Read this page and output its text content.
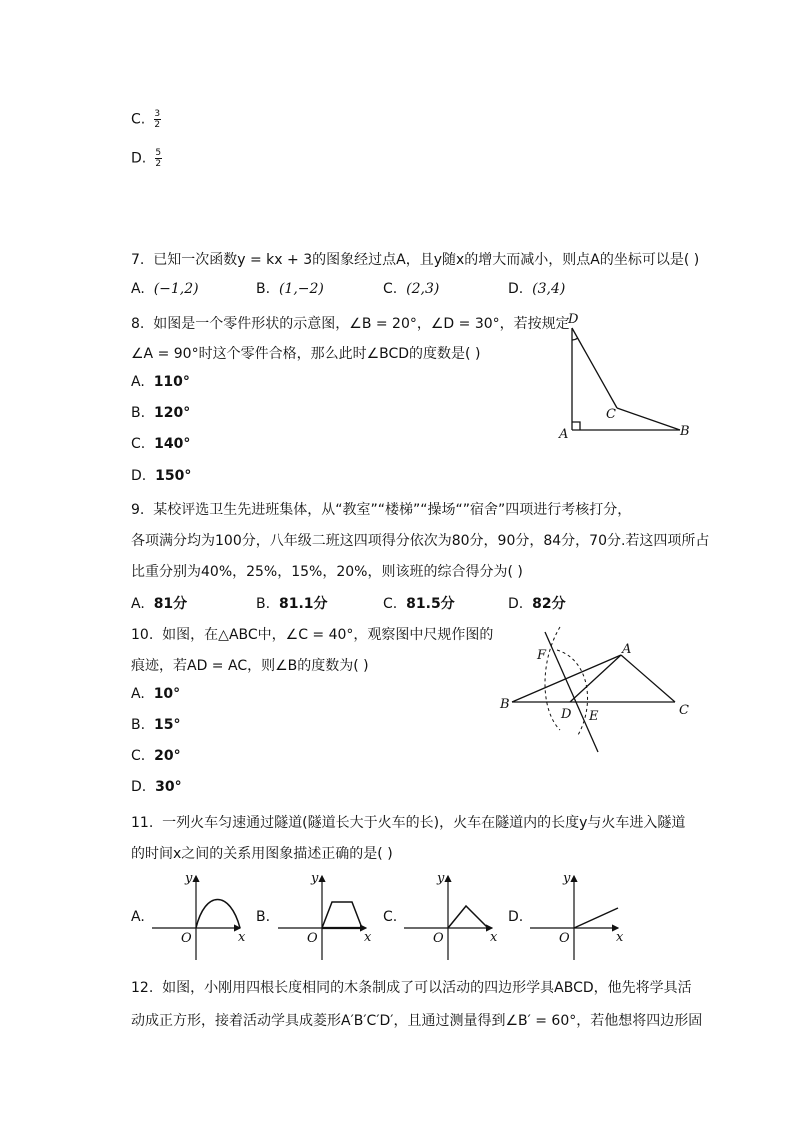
C. $\frac{3}{2}$
D. $\frac{5}{2}$
7. 已知一次函数y = kx + 3的图象经过点A，且y随x的增大而减小，则点A的坐标可以是( )
A. (−1,2)	B. (1,−2)	C. (2,3)	D. (3,4)
8. 如图是一个零件形状的示意图，∠B = 20°，∠D = 30°，若按规定
∠A = 90°时这个零件合格，那么此时∠BCD的度数是( )
A. 110°
B. 120°
C. 140°
D. 150°
D
C
A	B
9. 某校评选卫生先进班集体，从“教室”“楼梯”“操场“”宿舍”四项进行考核打分，
各项满分均为100分，八年级二班这四项得分依次为80分，90分，84分，70分.若这四项所占
比重分别为40%，25%，15%，20%，则该班的综合得分为( )
A. 81分	B. 81.1分	C. 81.5分	D. 82分
10. 如图，在△ABC中，∠C = 40°，观察图中尺规作图的
痕迹，若AD = AC，则∠B的度数为( )
A. 10°
B. 15°
C. 20°
D. 30°
F	A
B
D E	C
11. 一列火车匀速通过隧道(隧道长大于火车的长)，火车在隧道内的长度y与火车进入隧道
的时间x之间的关系用图象描述正确的是( )
A.	B.	C.	D.
y
x
O
y
x
O
y
x
O
y
x
O
12. 如图，小刚用四根长度相同的木条制成了可以活动的四边形学具ABCD，他先将学具活
动成正方形，接着活动学具成菱形A′B′C′D′，且通过测量得到∠B′ = 60°，若他想将四边形固
